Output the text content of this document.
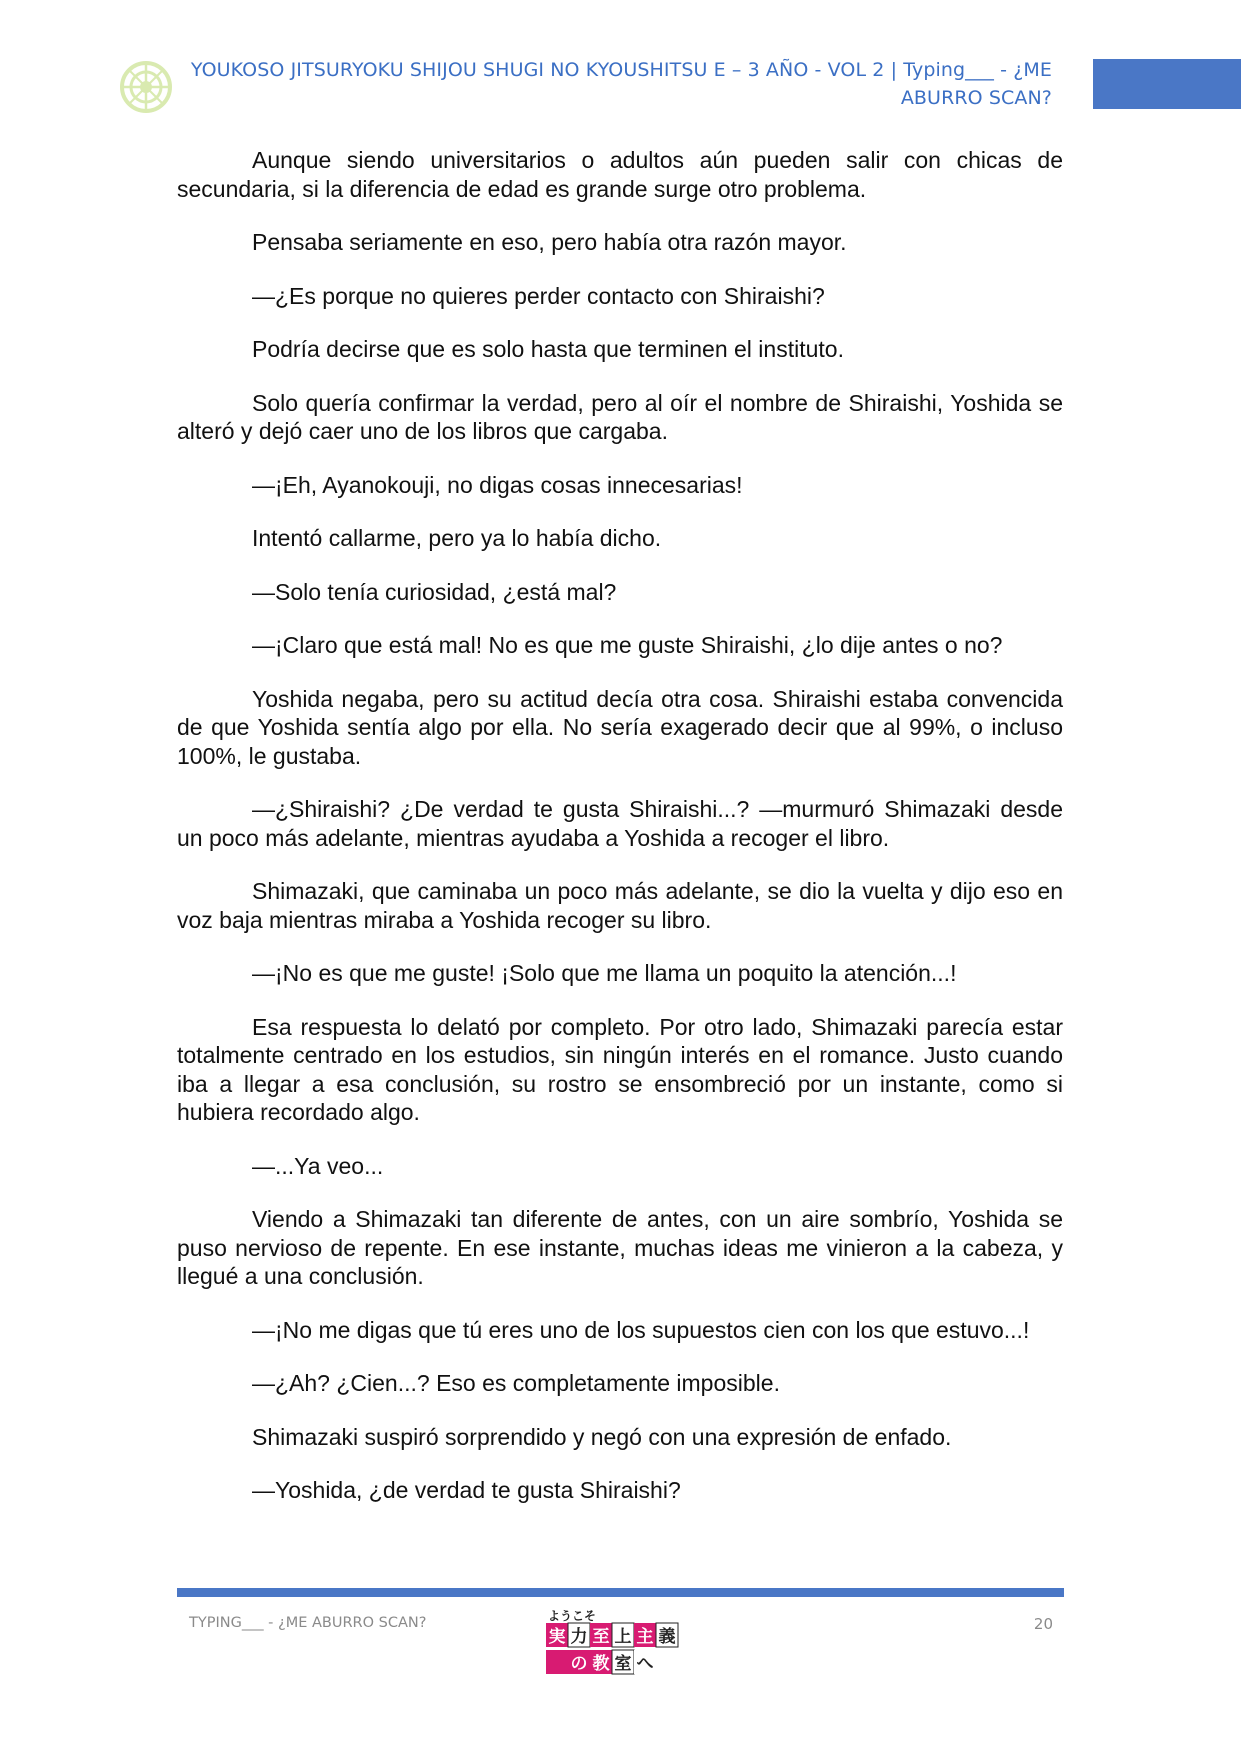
YOUKOSO JITSURYOKU SHIJOU SHUGI NO KYOUSHITSU E – 3 AÑO - VOL 2 | Typing___ - ¿ME
ABURRO SCAN?

Aunque siendo universitarios o adultos aún pueden salir con chicas de secundaria, si la diferencia de edad es grande surge otro problema.

Pensaba seriamente en eso, pero había otra razón mayor.

—¿Es porque no quieres perder contacto con Shiraishi?

Podría decirse que es solo hasta que terminen el instituto.

Solo quería confirmar la verdad, pero al oír el nombre de Shiraishi, Yoshida se alteró y dejó caer uno de los libros que cargaba.

—¡Eh, Ayanokouji, no digas cosas innecesarias!

Intentó callarme, pero ya lo había dicho.

—Solo tenía curiosidad, ¿está mal?

—¡Claro que está mal! No es que me guste Shiraishi, ¿lo dije antes o no?

Yoshida negaba, pero su actitud decía otra cosa. Shiraishi estaba convencida de que Yoshida sentía algo por ella. No sería exagerado decir que al 99%, o incluso 100%, le gustaba.

—¿Shiraishi? ¿De verdad te gusta Shiraishi...? —murmuró Shimazaki desde un poco más adelante, mientras ayudaba a Yoshida a recoger el libro.

Shimazaki, que caminaba un poco más adelante, se dio la vuelta y dijo eso en voz baja mientras miraba a Yoshida recoger su libro.

—¡No es que me guste! ¡Solo que me llama un poquito la atención...!

Esa respuesta lo delató por completo. Por otro lado, Shimazaki parecía estar totalmente centrado en los estudios, sin ningún interés en el romance. Justo cuando iba a llegar a esa conclusión, su rostro se ensombreció por un instante, como si hubiera recordado algo.

—...Ya veo...

Viendo a Shimazaki tan diferente de antes, con un aire sombrío, Yoshida se puso nervioso de repente. En ese instante, muchas ideas me vinieron a la cabeza, y llegué a una conclusión.

—¡No me digas que tú eres uno de los supuestos cien con los que estuvo...!

—¿Ah? ¿Cien...? Eso es completamente imposible.

Shimazaki suspiró sorprendido y negó con una expresión de enfado.

—Yoshida, ¿de verdad te gusta Shiraishi?

TYPING___ - ¿ME ABURRO SCAN?	20
ようこそ
実 力 至 上 主 義
の 教 室 へ
